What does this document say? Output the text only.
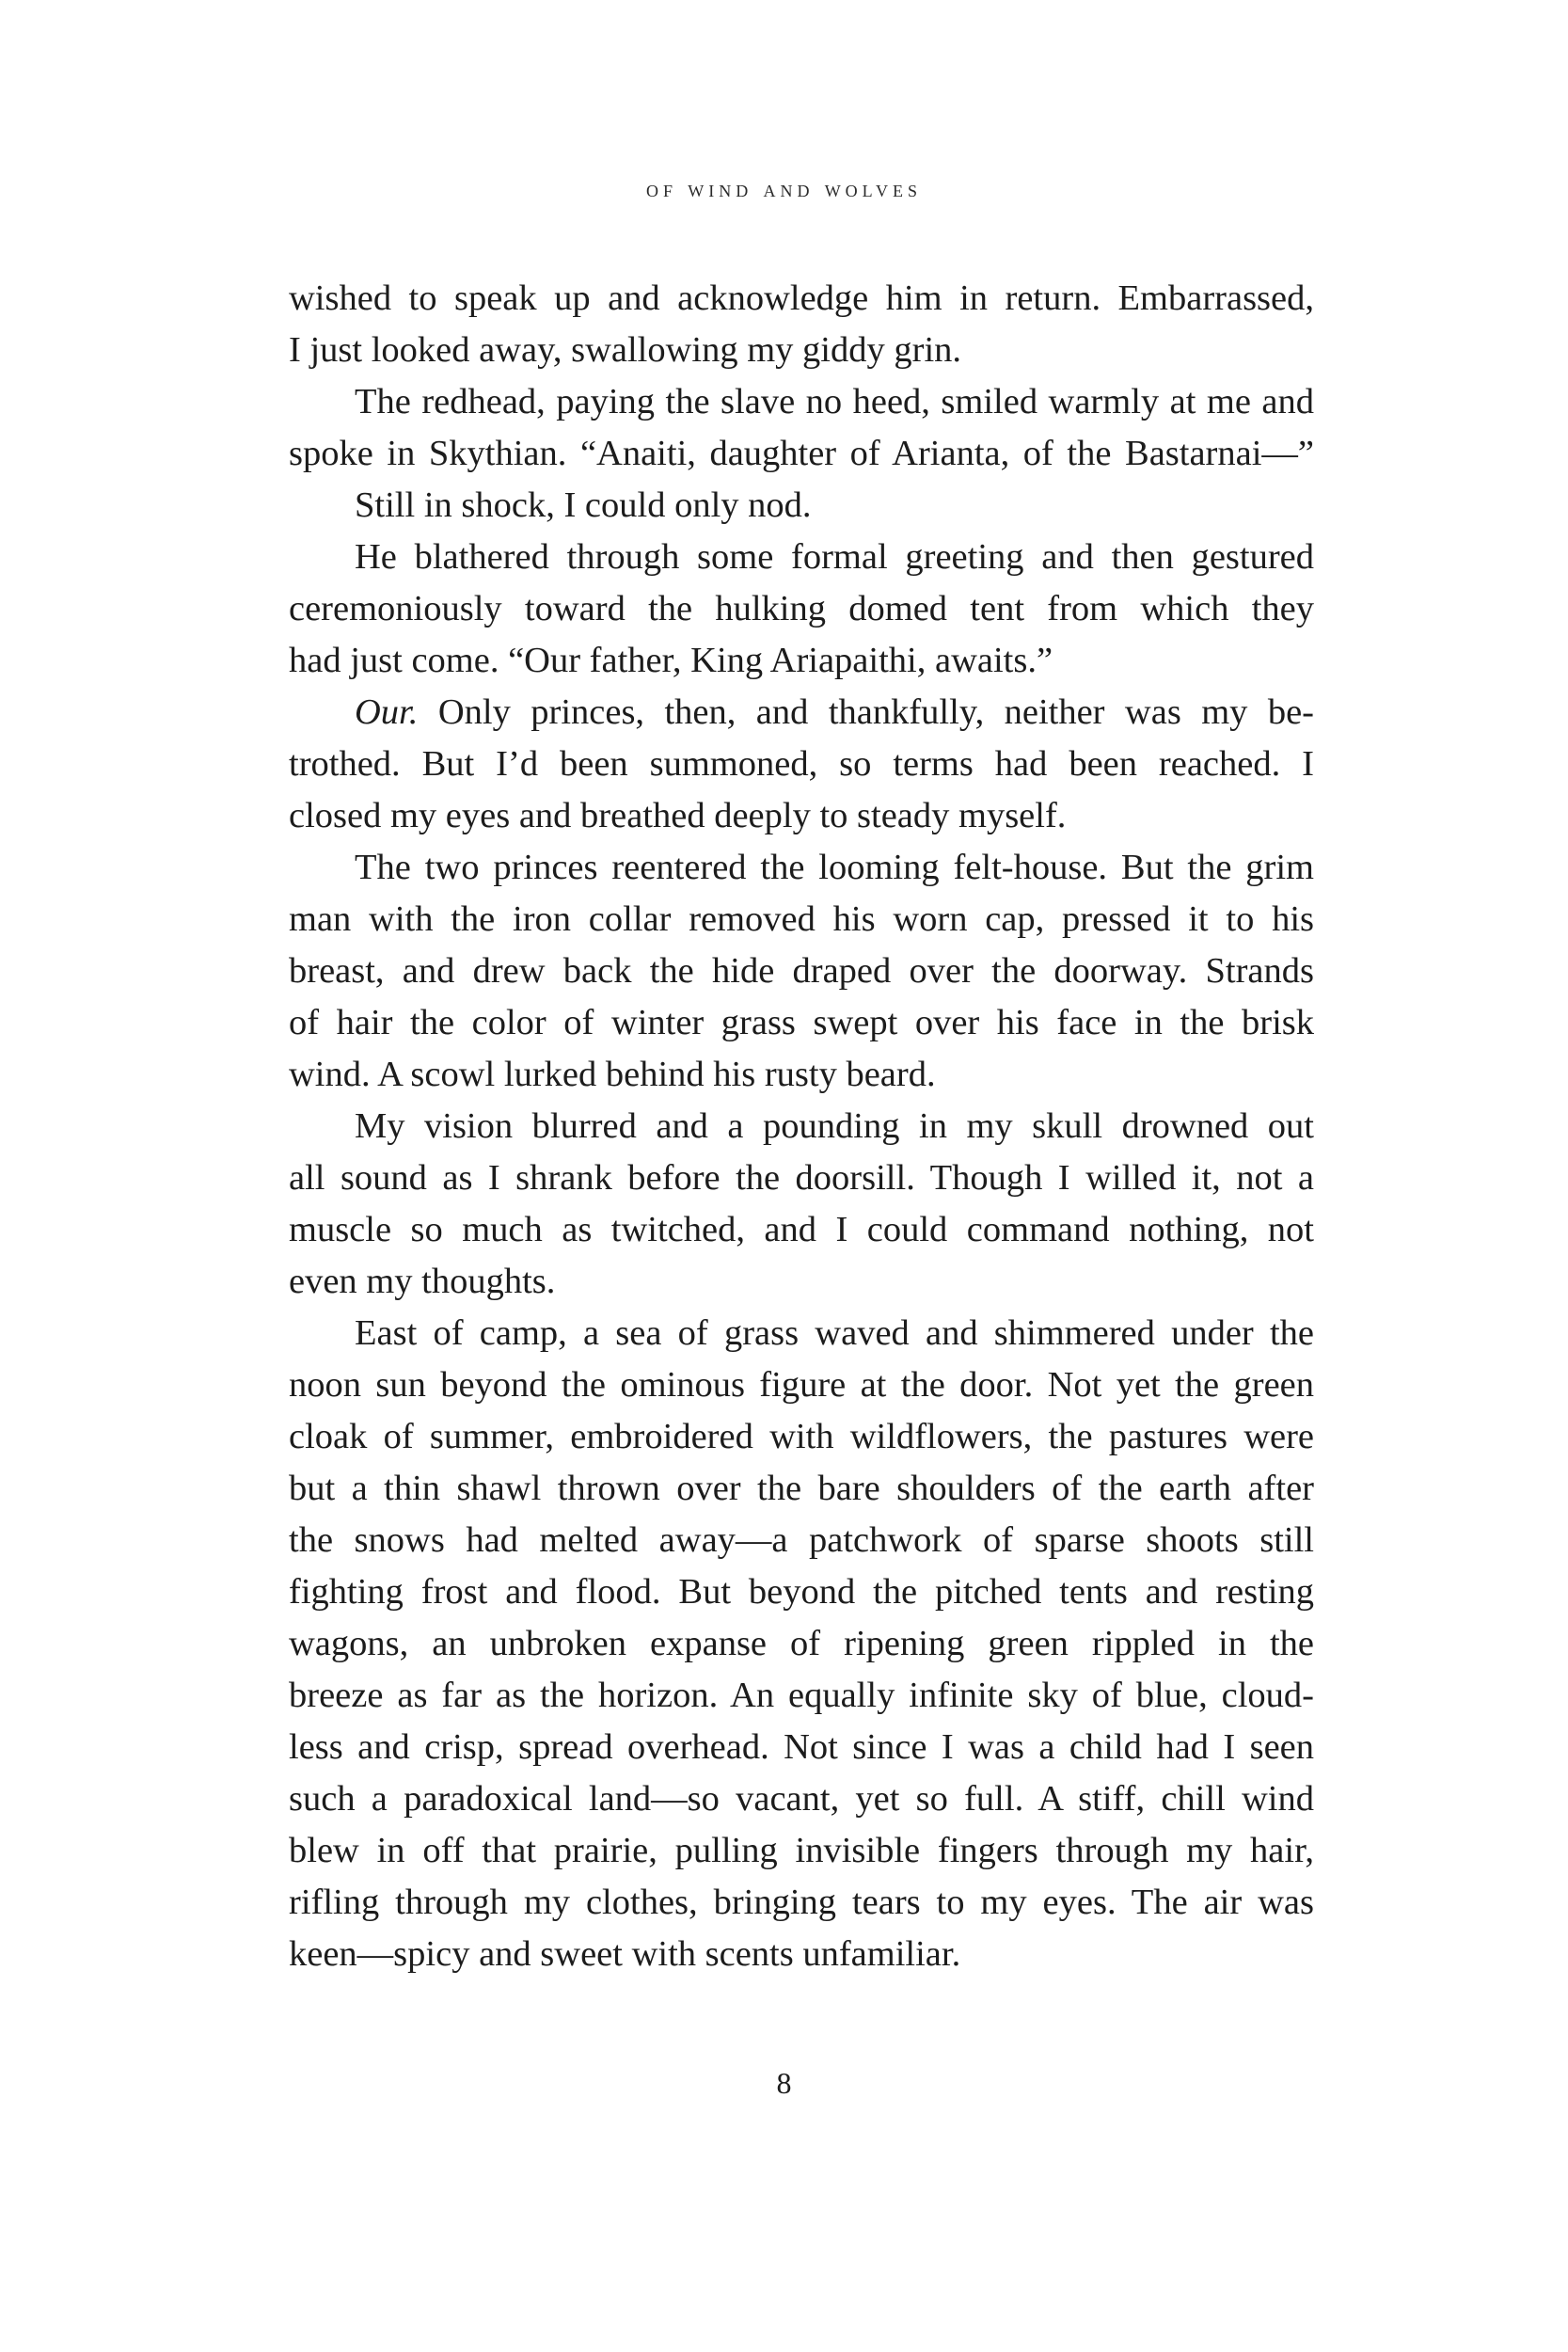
of wind and wolves
wished to speak up and acknowledge him in return. Embarrassed,
I just looked away, swallowing my giddy grin.
The redhead, paying the slave no heed, smiled warmly at me and
spoke in Skythian. “Anaiti, daughter of Arianta, of the Bastarnai—”
Still in shock, I could only nod.
He blathered through some formal greeting and then gestured
ceremoniously toward the hulking domed tent from which they
had just come. “Our father, King Ariapaithi, awaits.”
Our. Only princes, then, and thankfully, neither was my be-
trothed. But I’d been summoned, so terms had been reached. I
closed my eyes and breathed deeply to steady myself.
The two princes reentered the looming felt-house. But the grim
man with the iron collar removed his worn cap, pressed it to his
breast, and drew back the hide draped over the doorway. Strands
of hair the color of winter grass swept over his face in the brisk
wind. A scowl lurked behind his rusty beard.
My vision blurred and a pounding in my skull drowned out
all sound as I shrank before the doorsill. Though I willed it, not a
muscle so much as twitched, and I could command nothing, not
even my thoughts.
East of camp, a sea of grass waved and shimmered under the
noon sun beyond the ominous figure at the door. Not yet the green
cloak of summer, embroidered with wildflowers, the pastures were
but a thin shawl thrown over the bare shoulders of the earth after
the snows had melted away—a patchwork of sparse shoots still
fighting frost and flood. But beyond the pitched tents and resting
wagons, an unbroken expanse of ripening green rippled in the
breeze as far as the horizon. An equally infinite sky of blue, cloud-
less and crisp, spread overhead. Not since I was a child had I seen
such a paradoxical land—so vacant, yet so full. A stiff, chill wind
blew in off that prairie, pulling invisible fingers through my hair,
rifling through my clothes, bringing tears to my eyes. The air was
keen—spicy and sweet with scents unfamiliar.
8
